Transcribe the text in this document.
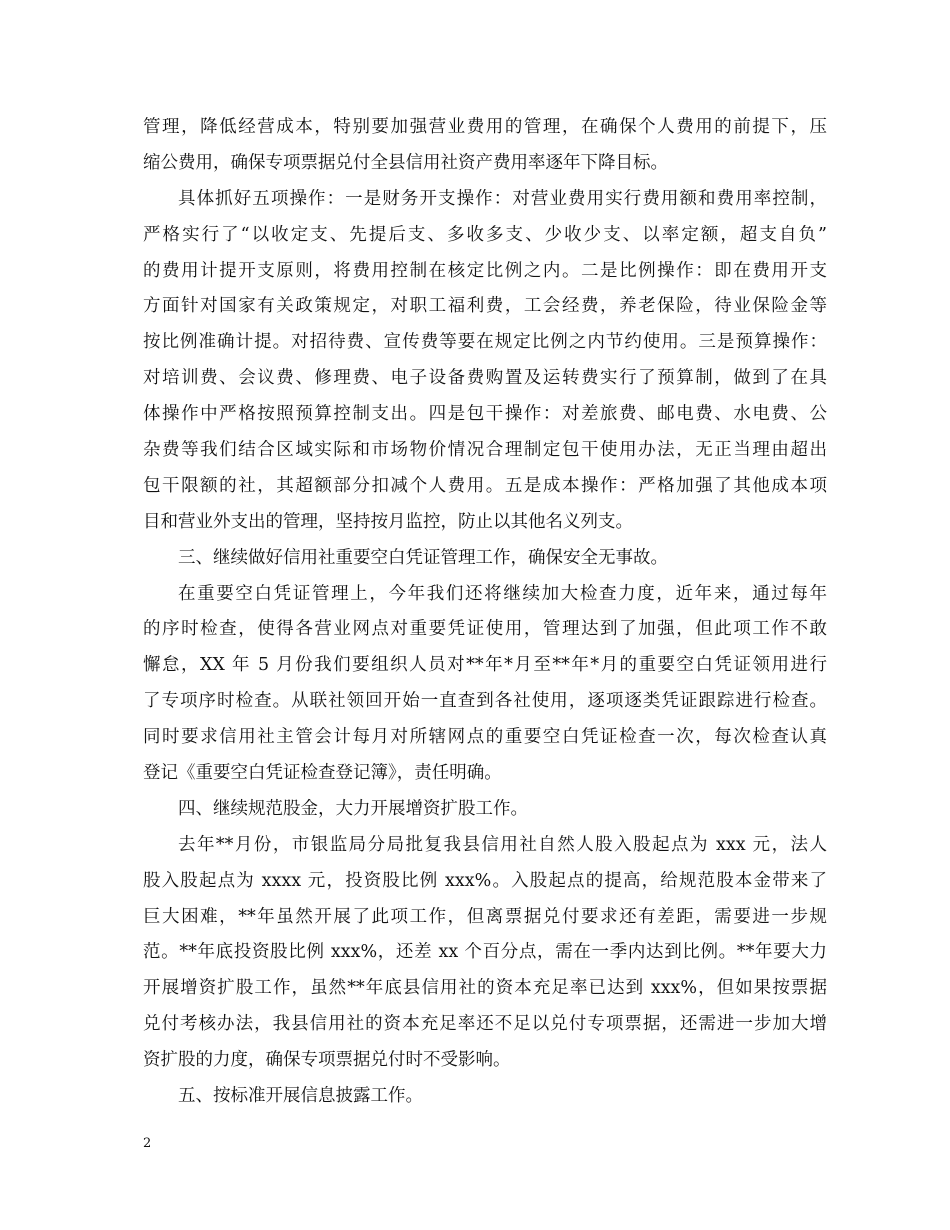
管理，降低经营成本，特别要加强营业费用的管理，在确保个人费用的前提下，压
缩公费用，确保专项票据兑付全县信用社资产费用率逐年下降目标。
具体抓好五项操作：一是财务开支操作：对营业费用实行费用额和费用率控制，
严格实行了“以收定支、先提后支、多收多支、少收少支、以率定额，超支自负”
的费用计提开支原则，将费用控制在核定比例之内。二是比例操作：即在费用开支
方面针对国家有关政策规定，对职工福利费，工会经费，养老保险，待业保险金等
按比例准确计提。对招待费、宣传费等要在规定比例之内节约使用。三是预算操作：
对培训费、会议费、修理费、电子设备费购置及运转费实行了预算制，做到了在具
体操作中严格按照预算控制支出。四是包干操作：对差旅费、邮电费、水电费、公
杂费等我们结合区域实际和市场物价情况合理制定包干使用办法，无正当理由超出
包干限额的社，其超额部分扣减个人费用。五是成本操作：严格加强了其他成本项
目和营业外支出的管理，坚持按月监控，防止以其他名义列支。
三、继续做好信用社重要空白凭证管理工作，确保安全无事故。
在重要空白凭证管理上，今年我们还将继续加大检查力度，近年来，通过每年
的序时检查，使得各营业网点对重要凭证使用，管理达到了加强，但此项工作不敢
懈怠，XX 年 5 月份我们要组织人员对**年*月至**年*月的重要空白凭证领用进行
了专项序时检查。从联社领回开始一直查到各社使用，逐项逐类凭证跟踪进行检查。
同时要求信用社主管会计每月对所辖网点的重要空白凭证检查一次，每次检查认真
登记《重要空白凭证检查登记簿》，责任明确。
四、继续规范股金，大力开展增资扩股工作。
去年**月份，市银监局分局批复我县信用社自然人股入股起点为 xxx 元，法人
股入股起点为 xxxx 元，投资股比例 xxx%。入股起点的提高，给规范股本金带来了
巨大困难，**年虽然开展了此项工作，但离票据兑付要求还有差距，需要进一步规
范。**年底投资股比例 xxx%，还差 xx 个百分点，需在一季内达到比例。**年要大力
开展增资扩股工作，虽然**年底县信用社的资本充足率已达到 xxx%，但如果按票据
兑付考核办法，我县信用社的资本充足率还不足以兑付专项票据，还需进一步加大增
资扩股的力度，确保专项票据兑付时不受影响。
五、按标准开展信息披露工作。
2
